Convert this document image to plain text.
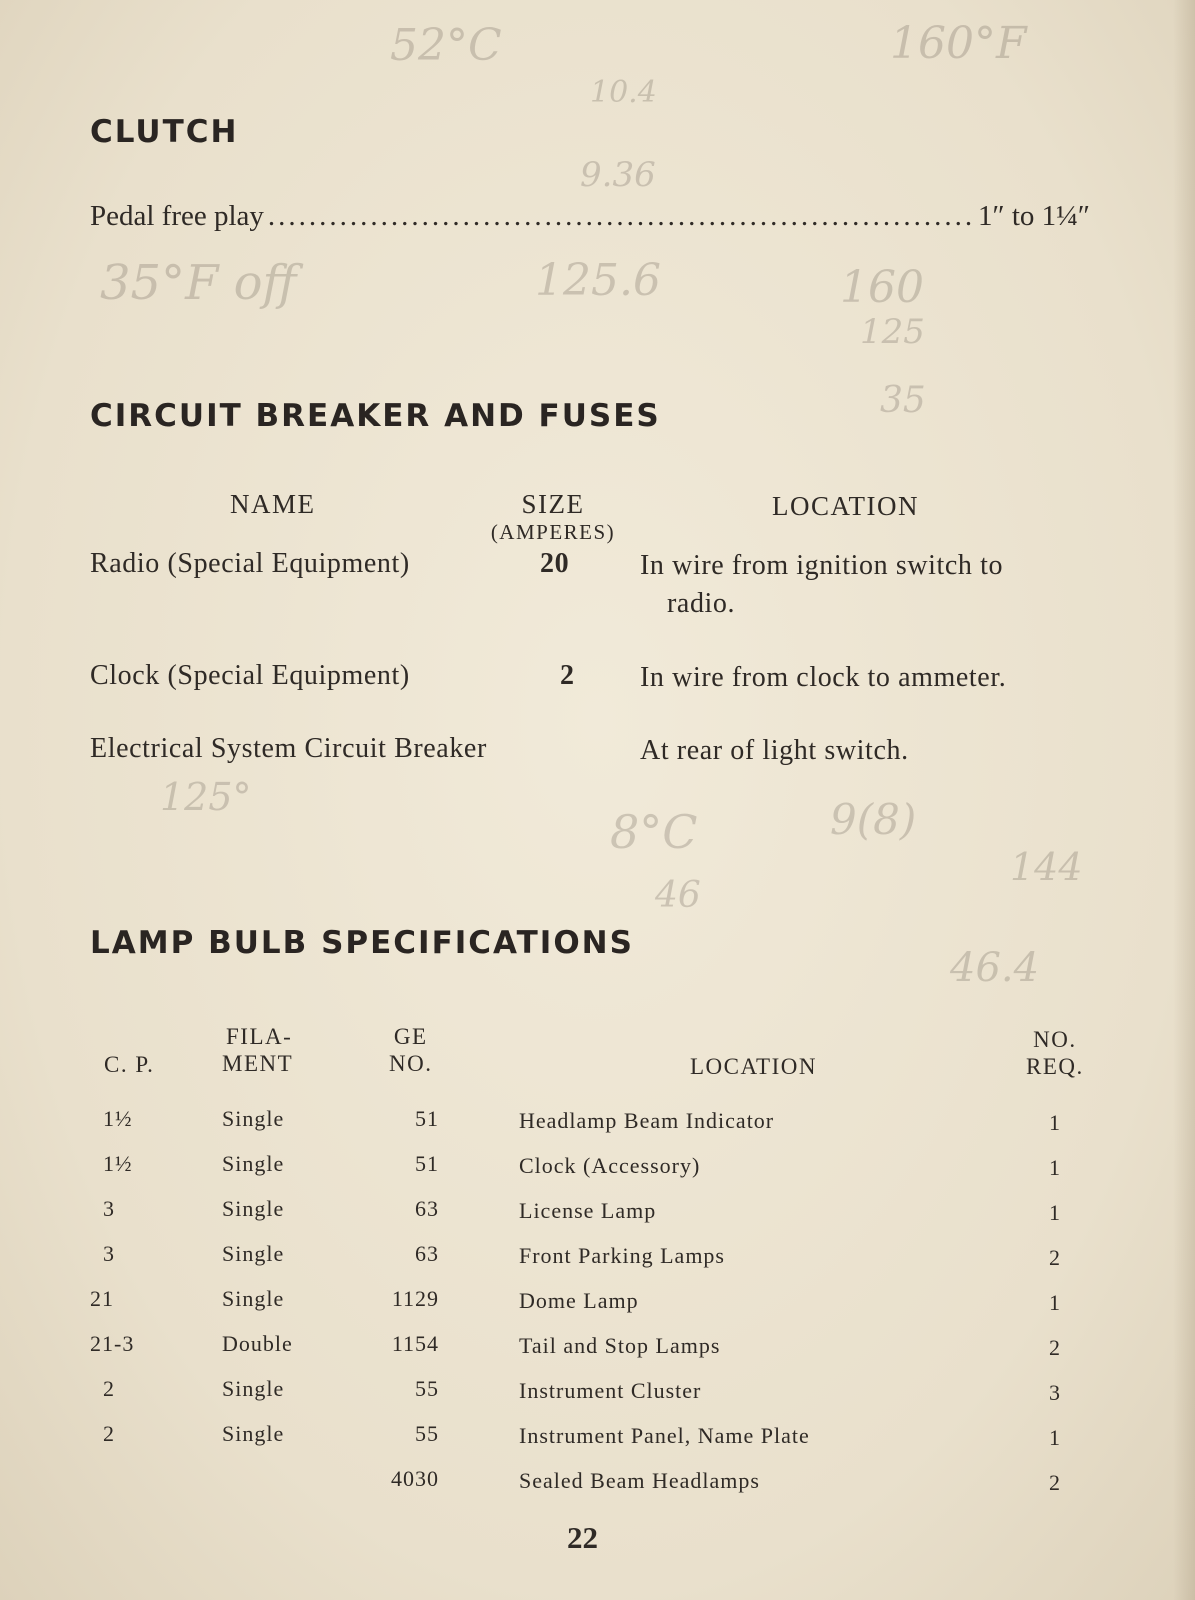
52°C	160°F
10.4
9.36
35°F off	125.6	160
125
35
125°
8°C	9(8)
46
144
46.4
CLUTCH
Pedal free play
.....	1″ to 1¼″
CIRCUIT BREAKER AND FUSES
NAME	SIZE
(AMPERES)
LOCATION
Radio (Special Equipment)	20	In wire from ignition switch to
radio.
Clock (Special Equipment)	2 In wire from clock to ammeter.
Electrical System Circuit Breaker	At rear of light switch.
LAMP BULB SPECIFICATIONS
C. P.
FILA-
MENT
GE
NO.	LOCATION
NO.
REQ.
1½	Single	51	Headlamp Beam Indicator	1
1½	Single	51	Clock (Accessory)	1
3	Single	63	License Lamp	1
3	Single	63	Front Parking Lamps	2
21	Single	1129	Dome Lamp	1
21-3	Double	1154	Tail and Stop Lamps	2
2	Single	55	Instrument Cluster	3
2	Single	55	Instrument Panel, Name Plate	1
4030	Sealed Beam Headlamps	2
22
